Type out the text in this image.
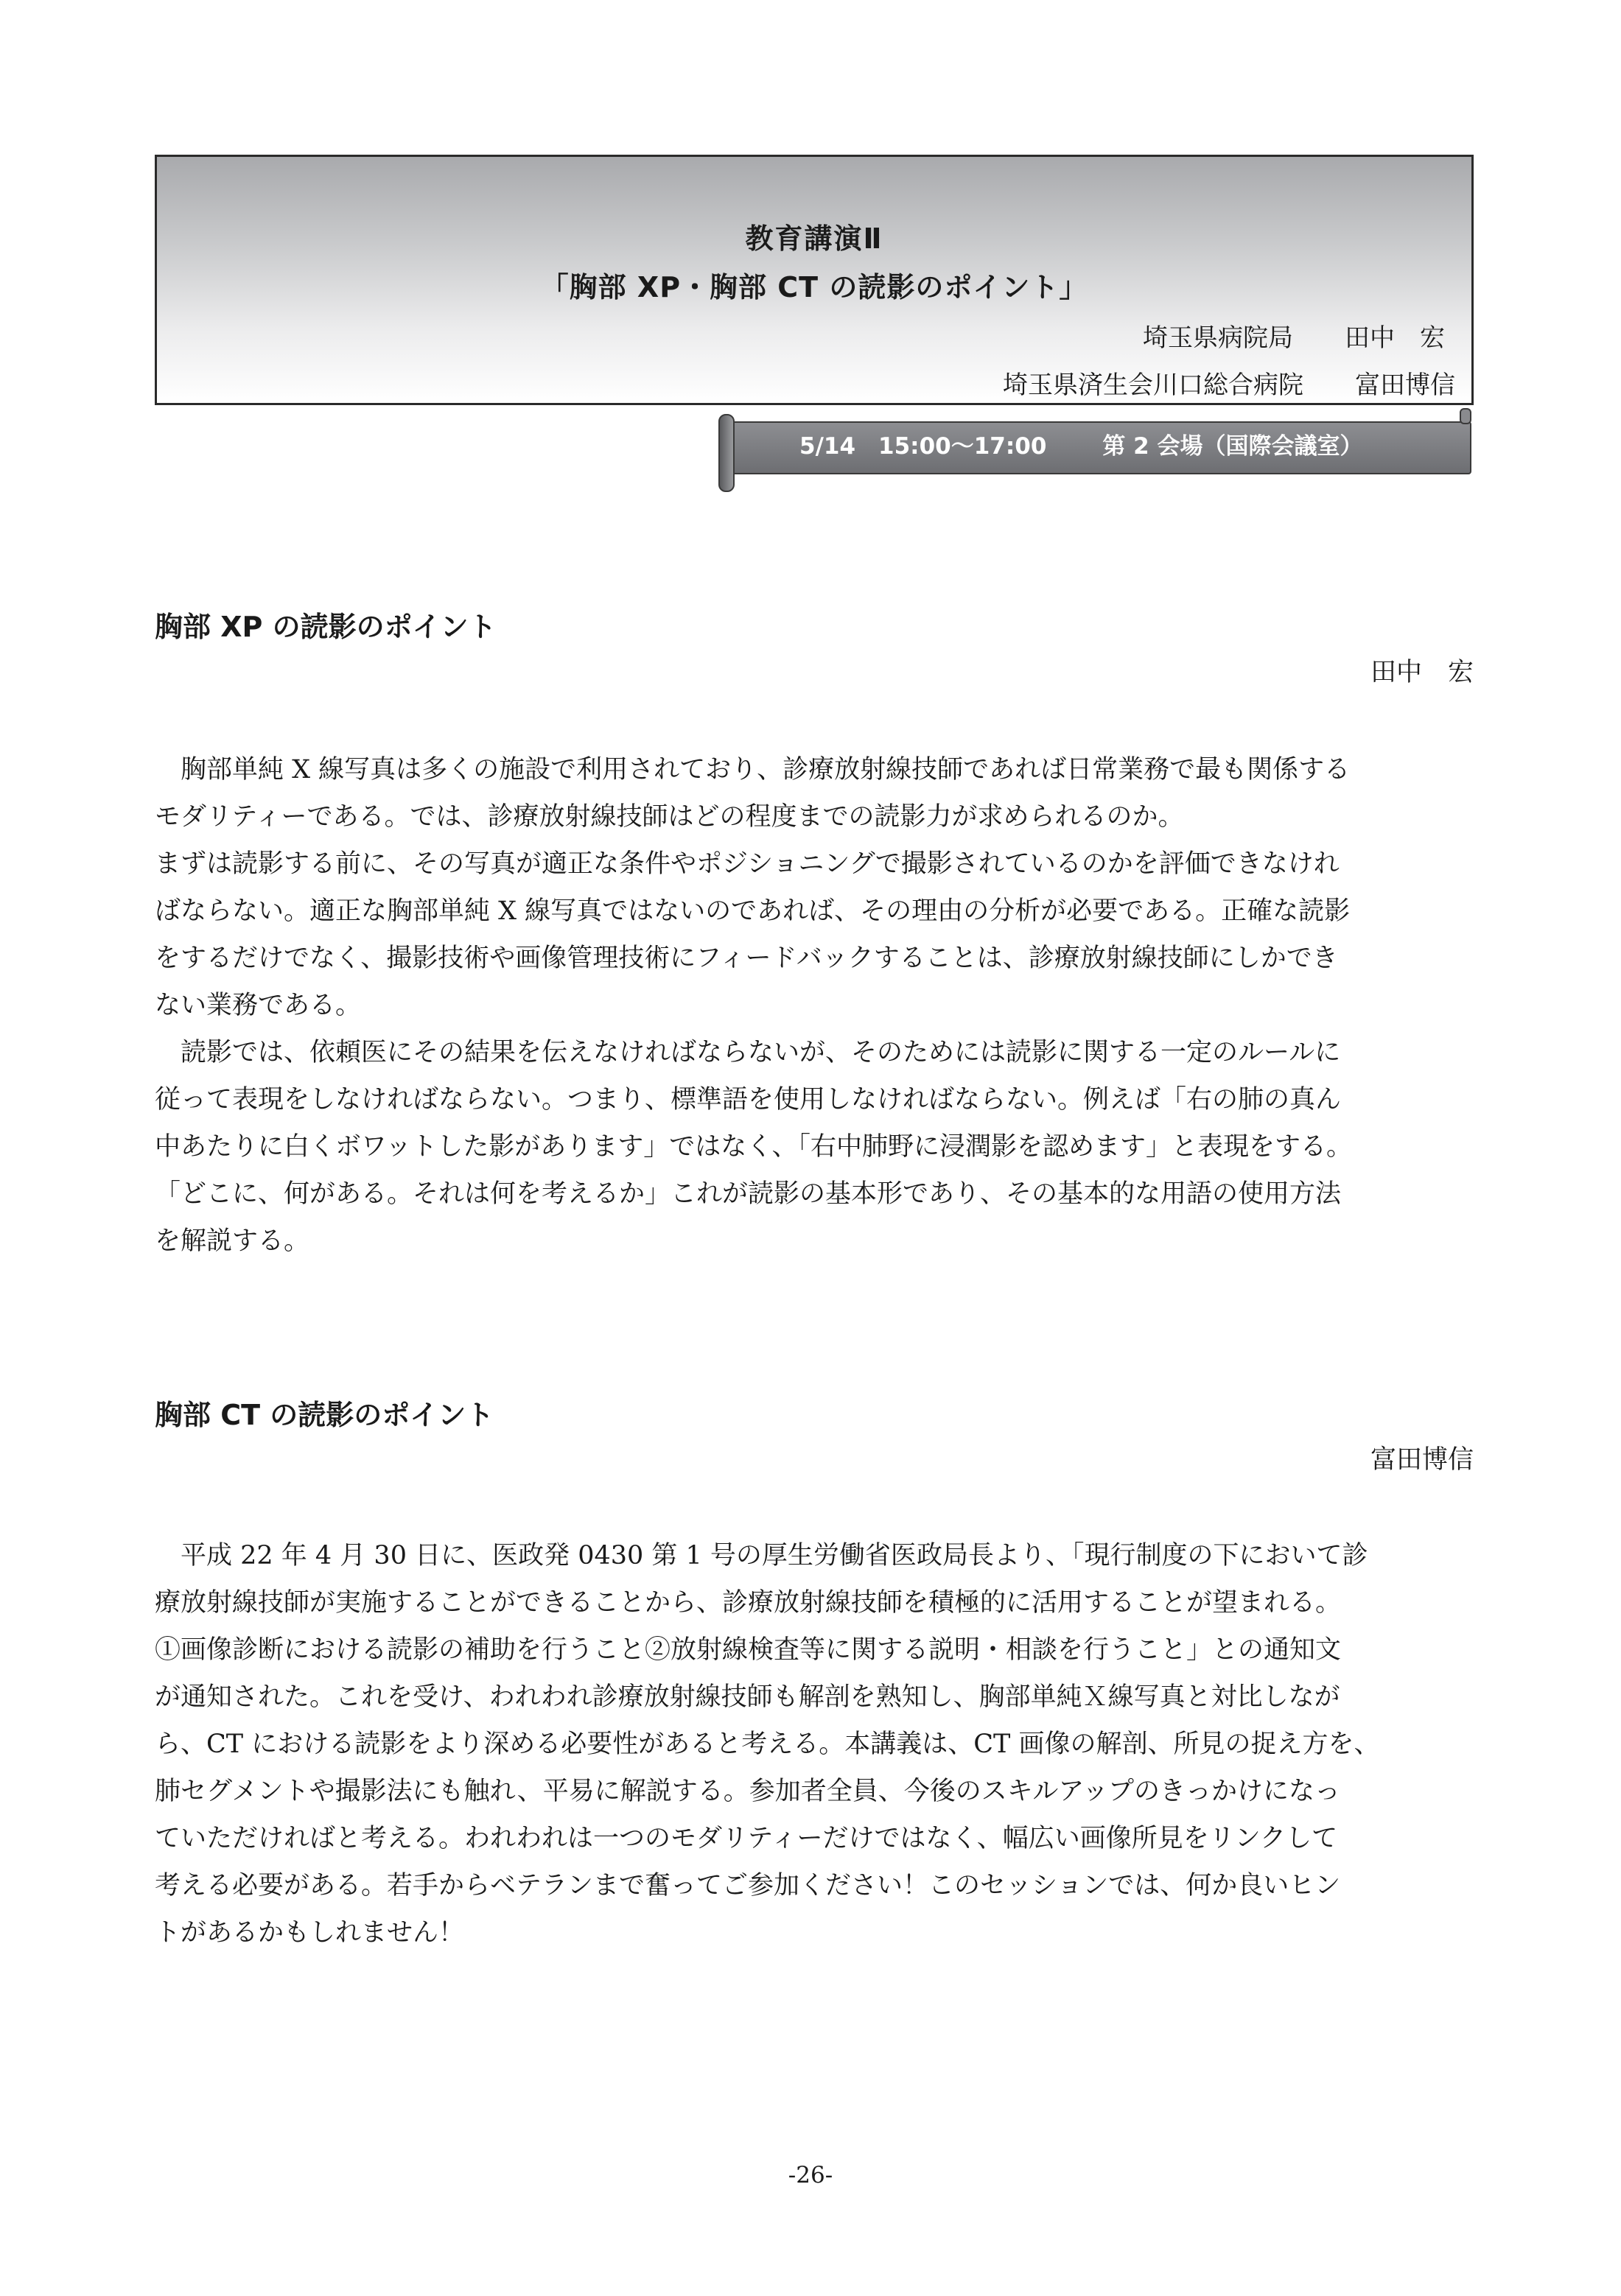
教育講演Ⅱ
「胸部 XP・胸部 CT の読影のポイント」
埼玉県病院局 田中　宏
埼玉県済生会川口総合病院 富田博信
5/14　15:00〜17:00 第 2 会場（国際会議室）
胸部 XP の読影のポイント
田中　宏
　胸部単純 X 線写真は多くの施設で利用されており、診療放射線技師であれば日常業務で最も関係する
モダリティーである。では、診療放射線技師はどの程度までの読影力が求められるのか。
まずは読影する前に、その写真が適正な条件やポジショニングで撮影されているのかを評価できなけれ
ばならない。適正な胸部単純 X 線写真ではないのであれば、その理由の分析が必要である。正確な読影
をするだけでなく、撮影技術や画像管理技術にフィードバックすることは、診療放射線技師にしかでき
ない業務である。
　読影では、依頼医にその結果を伝えなければならないが、そのためには読影に関する一定のルールに
従って表現をしなければならない。つまり、標準語を使用しなければならない。例えば「右の肺の真ん
中あたりに白くボワットした影があります」ではなく、「右中肺野に浸潤影を認めます」と表現をする。
「どこに、何がある。それは何を考えるか」これが読影の基本形であり、その基本的な用語の使用方法
を解説する。
胸部 CT の読影のポイント
富田博信
　平成 22 年 4 月 30 日に、医政発 0430 第 1 号の厚生労働省医政局長より、「現行制度の下において診
療放射線技師が実施することができることから、診療放射線技師を積極的に活用することが望まれる。
①画像診断における読影の補助を行うこと②放射線検査等に関する説明・相談を行うこと」との通知文
が通知された。これを受け、われわれ診療放射線技師も解剖を熟知し、胸部単純Ｘ線写真と対比しなが
ら、CT における読影をより深める必要性があると考える。本講義は、CT 画像の解剖、所見の捉え方を、
肺セグメントや撮影法にも触れ、平易に解説する。参加者全員、今後のスキルアップのきっかけになっ
ていただければと考える。われわれは一つのモダリティーだけではなく、幅広い画像所見をリンクして
考える必要がある。若手からベテランまで奮ってご参加ください！このセッションでは、何か良いヒン
トがあるかもしれません！
-26-
